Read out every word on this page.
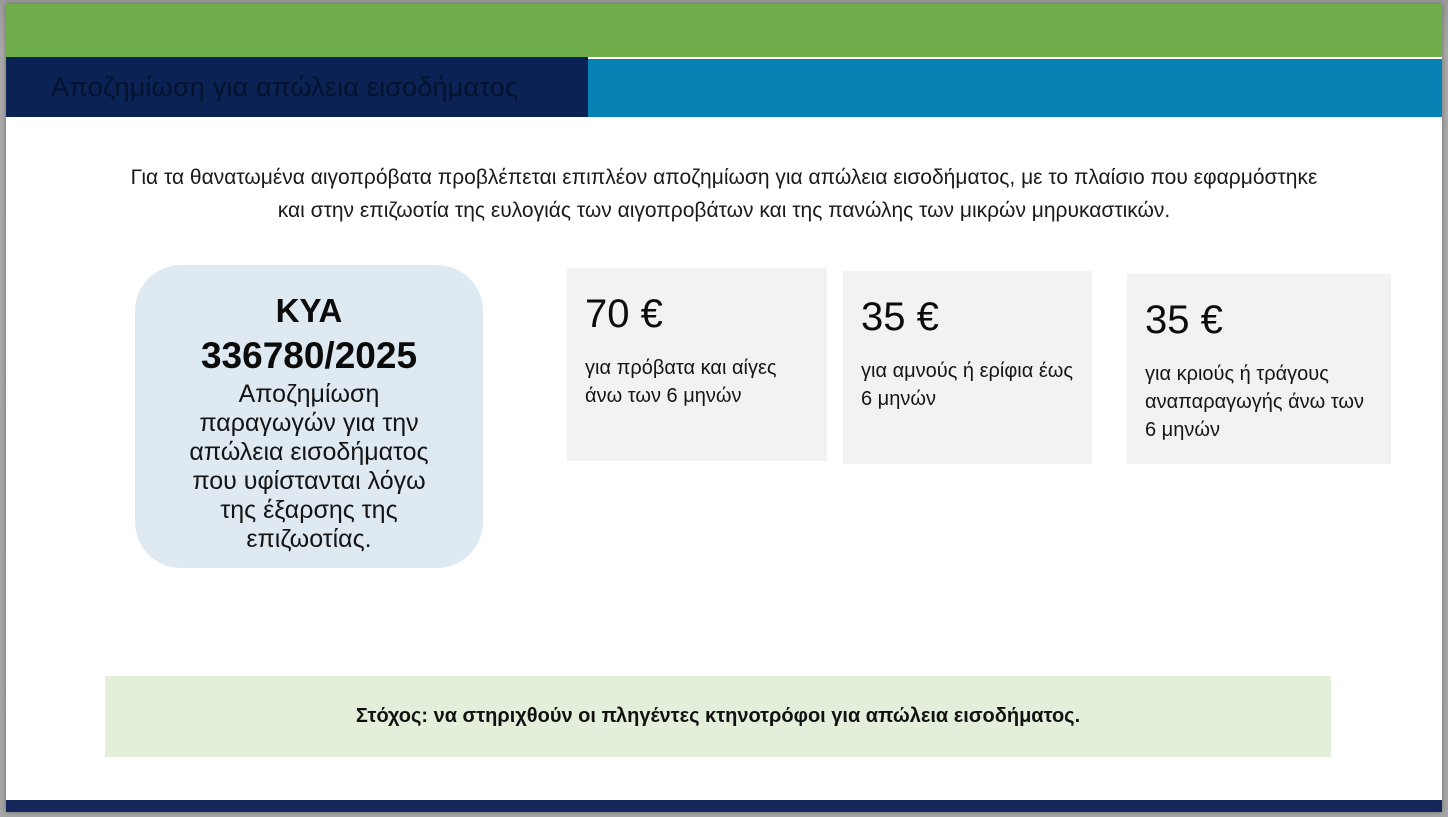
Αποζημίωση για απώλεια εισοδήματος
Για τα θανατωμένα αιγοπρόβατα προβλέπεται επιπλέον αποζημίωση για απώλεια εισοδήματος, με το πλαίσιο που εφαρμόστηκε
και στην επιζωοτία της ευλογιάς των αιγοπροβάτων και της πανώλης των μικρών μηρυκαστικών.
ΚΥΑ
336780/2025
Αποζημίωση
παραγωγών για την
απώλεια εισοδήματος
που υφίστανται λόγω
της έξαρσης της
επιζωοτίας.
70 €
για πρόβατα και αίγες άνω των 6 μηνών
35 €
για αμνούς ή ερίφια έως 6 μηνών
35 €
για κριούς ή τράγους αναπαραγωγής άνω των 6 μηνών
Στόχος: να στηριχθούν οι πληγέντες κτηνοτρόφοι για απώλεια εισοδήματος.
